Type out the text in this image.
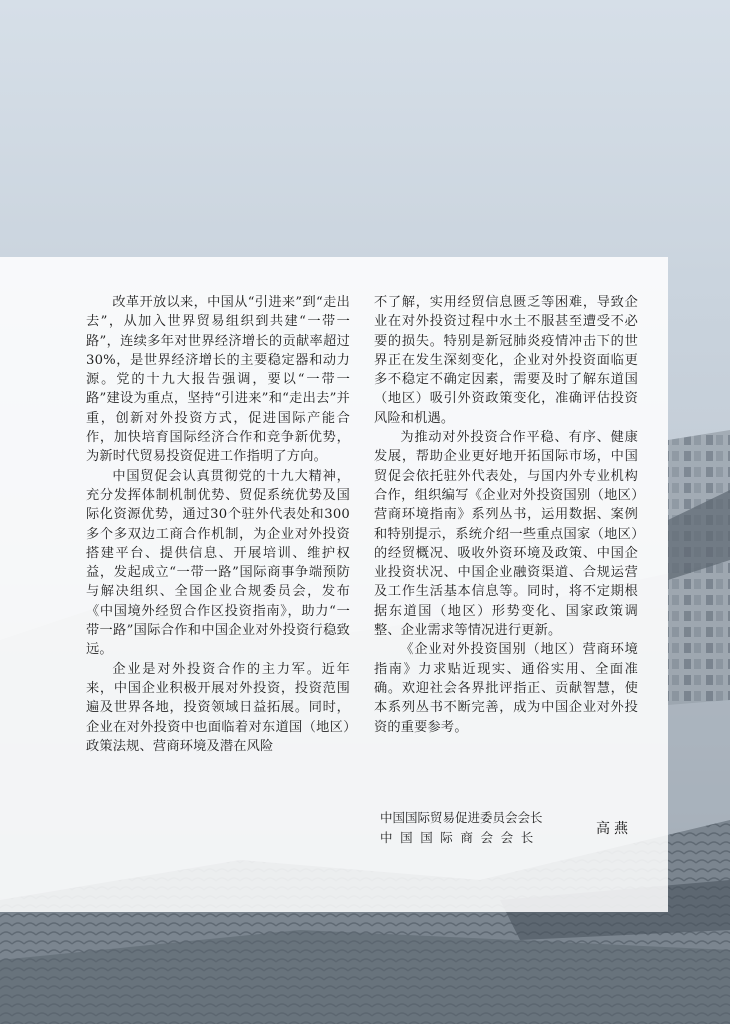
改革开放以来，中国从“引进来”到“走出去”，从加入世界贸易组织到共建“一带一路”，连续多年对世界经济增长的贡献率超过30%，是世界经济增长的主要稳定器和动力源。党的十九大报告强调，要以“一带一路”建设为重点，坚持“引进来”和“走出去”并重，创新对外投资方式，促进国际产能合作，加快培育国际经济合作和竞争新优势，为新时代贸易投资促进工作指明了方向。

中国贸促会认真贯彻党的十九大精神，充分发挥体制机制优势、贸促系统优势及国际化资源优势，通过30个驻外代表处和300多个多双边工商合作机制，为企业对外投资搭建平台、提供信息、开展培训、维护权益，发起成立“一带一路”国际商事争端预防与解决组织、全国企业合规委员会，发布《中国境外经贸合作区投资指南》，助力“一带一路”国际合作和中国企业对外投资行稳致远。

企业是对外投资合作的主力军。近年来，中国企业积极开展对外投资，投资范围遍及世界各地，投资领域日益拓展。同时，企业在对外投资中也面临着对东道国（地区）政策法规、营商环境及潜在风险

不了解，实用经贸信息匮乏等困难，导致企业在对外投资过程中水土不服甚至遭受不必要的损失。特别是新冠肺炎疫情冲击下的世界正在发生深刻变化，企业对外投资面临更多不稳定不确定因素，需要及时了解东道国（地区）吸引外资政策变化，准确评估投资风险和机遇。

为推动对外投资合作平稳、有序、健康发展，帮助企业更好地开拓国际市场，中国贸促会依托驻外代表处，与国内外专业机构合作，组织编写《企业对外投资国别（地区）营商环境指南》系列丛书，运用数据、案例和特别提示，系统介绍一些重点国家（地区）的经贸概况、吸收外资环境及政策、中国企业投资状况、中国企业融资渠道、合规运营及工作生活基本信息等。同时，将不定期根据东道国（地区）形势变化、国家政策调整、企业需求等情况进行更新。

《企业对外投资国别（地区）营商环境指南》力求贴近现实、通俗实用、全面准确。欢迎社会各界批评指正、贡献智慧，使本系列丛书不断完善，成为中国企业对外投资的重要参考。

中国国际贸易促进委员会会长
中国国际商会会长
高燕
